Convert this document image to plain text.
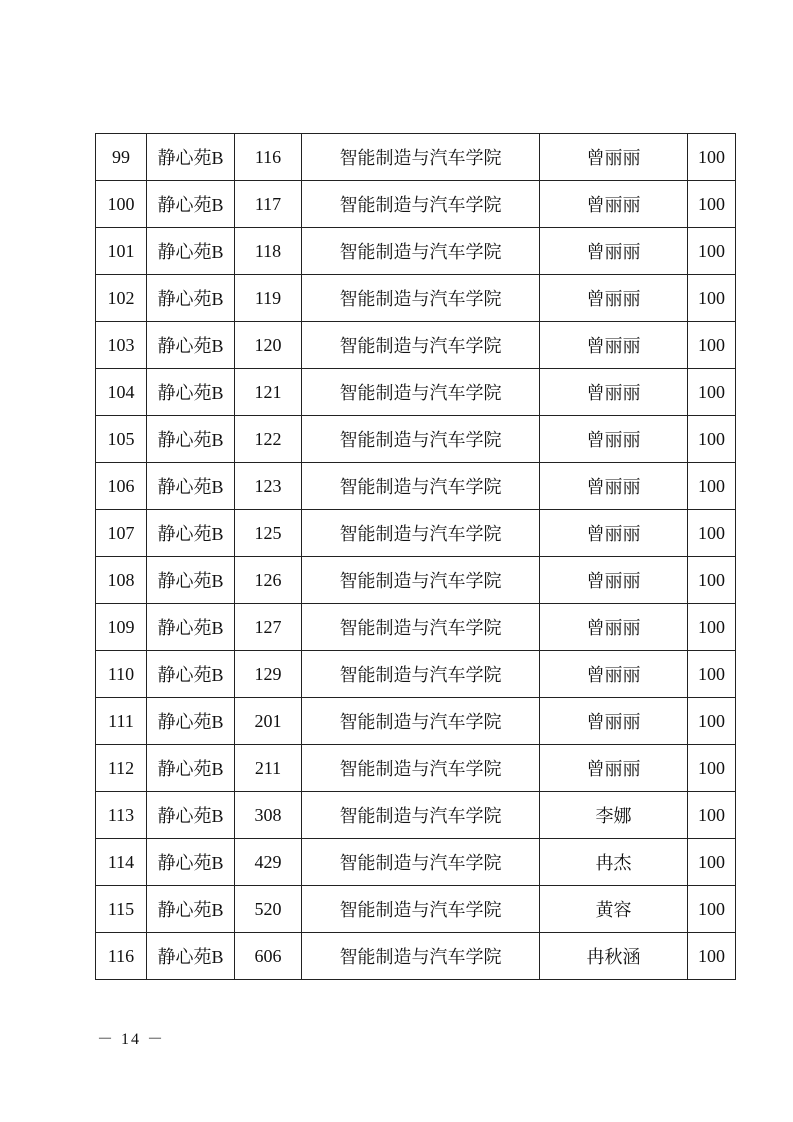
99	静心苑B	116	智能制造与汽车学院	曾丽丽	100
100	静心苑B	117	智能制造与汽车学院	曾丽丽	100
101	静心苑B	118	智能制造与汽车学院	曾丽丽	100
102	静心苑B	119	智能制造与汽车学院	曾丽丽	100
103	静心苑B	120	智能制造与汽车学院	曾丽丽	100
104	静心苑B	121	智能制造与汽车学院	曾丽丽	100
105	静心苑B	122	智能制造与汽车学院	曾丽丽	100
106	静心苑B	123	智能制造与汽车学院	曾丽丽	100
107	静心苑B	125	智能制造与汽车学院	曾丽丽	100
108	静心苑B	126	智能制造与汽车学院	曾丽丽	100
109	静心苑B	127	智能制造与汽车学院	曾丽丽	100
110	静心苑B	129	智能制造与汽车学院	曾丽丽	100
111	静心苑B	201	智能制造与汽车学院	曾丽丽	100
112	静心苑B	211	智能制造与汽车学院	曾丽丽	100
113	静心苑B	308	智能制造与汽车学院	李娜	100
114	静心苑B	429	智能制造与汽车学院	冉杰	100
115	静心苑B	520	智能制造与汽车学院	黄容	100
116	静心苑B	606	智能制造与汽车学院	冉秋涵	100
－ 14 －
